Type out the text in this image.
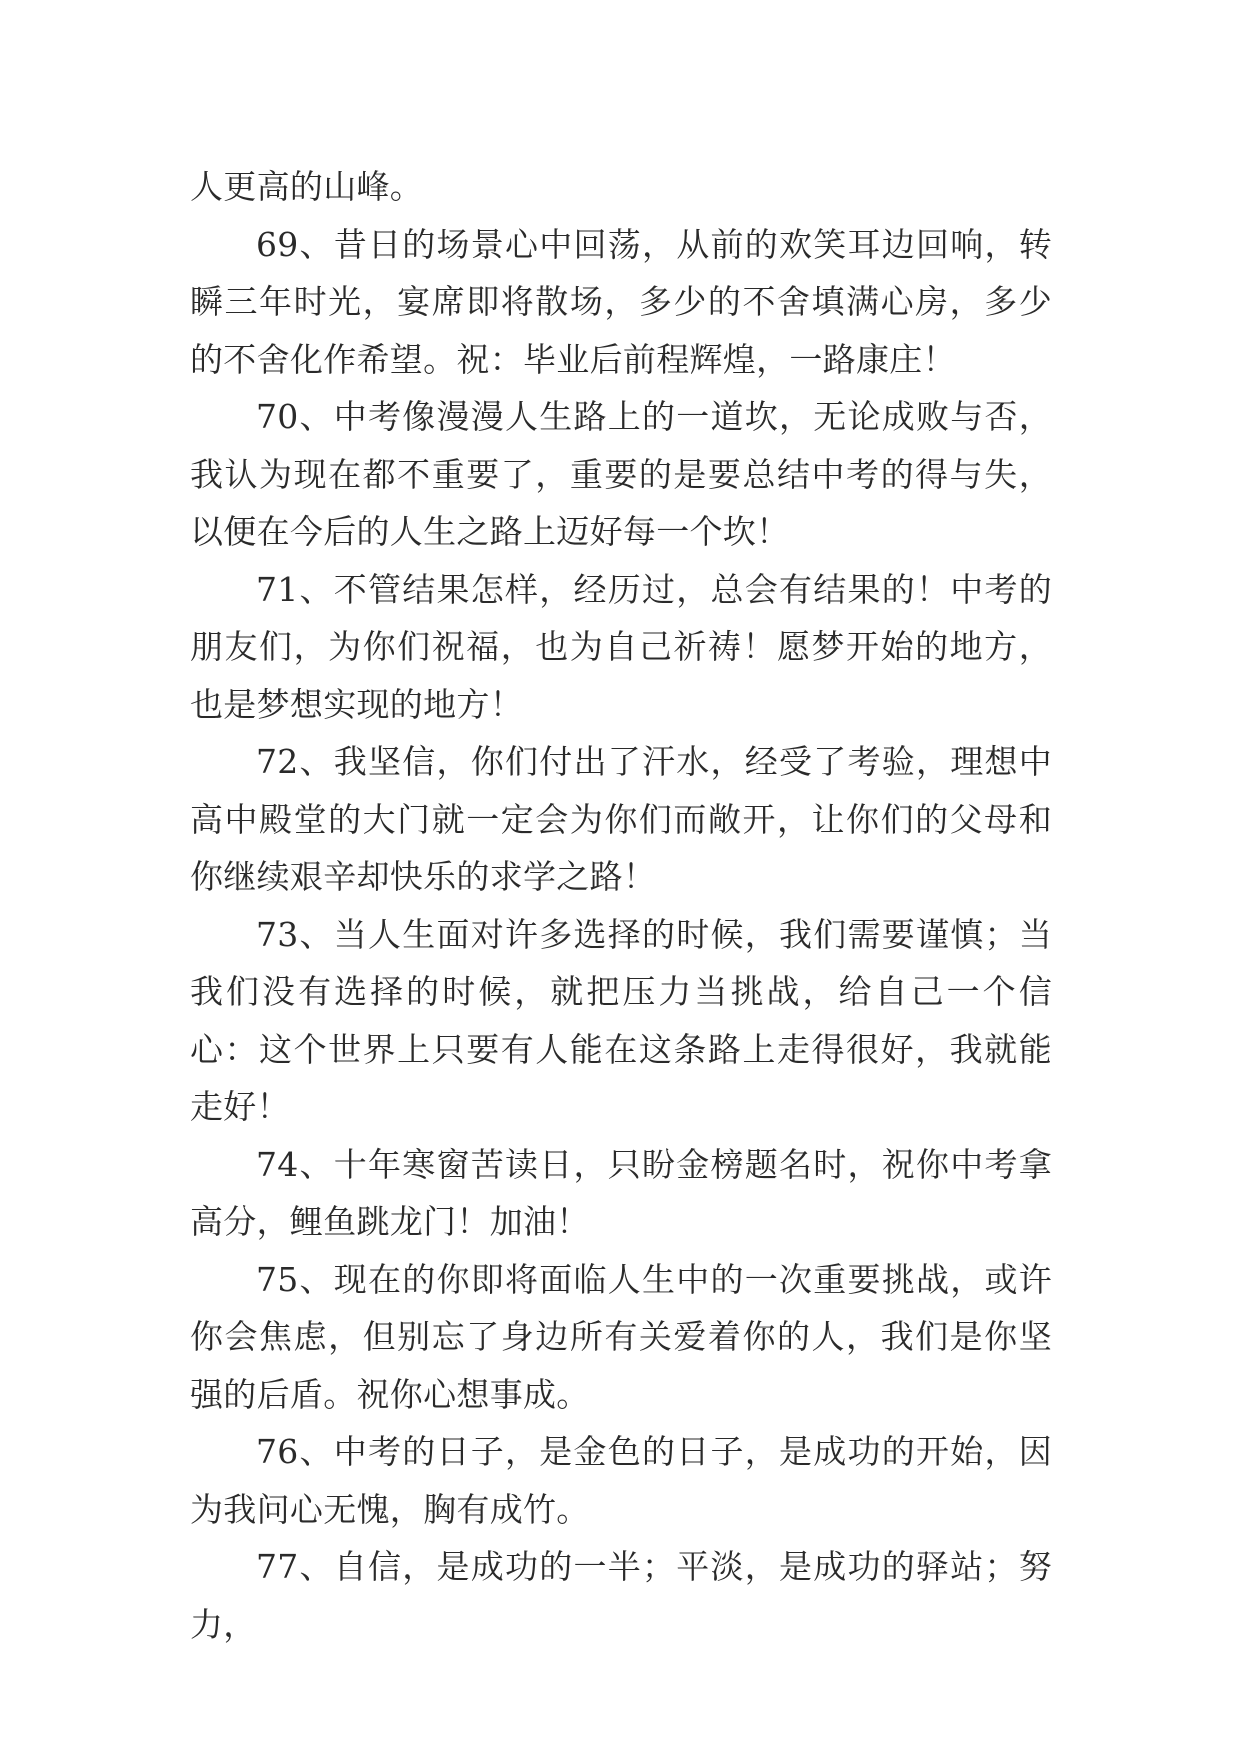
人更高的山峰。

69、昔日的场景心中回荡，从前的欢笑耳边回响，转瞬三年时光，宴席即将散场，多少的不舍填满心房，多少的不舍化作希望。祝：毕业后前程辉煌，一路康庄！

70、中考像漫漫人生路上的一道坎，无论成败与否，我认为现在都不重要了，重要的是要总结中考的得与失，以便在今后的人生之路上迈好每一个坎！

71、不管结果怎样，经历过，总会有结果的！中考的朋友们，为你们祝福，也为自己祈祷！愿梦开始的地方，也是梦想实现的地方！

72、我坚信，你们付出了汗水，经受了考验，理想中高中殿堂的大门就一定会为你们而敞开，让你们的父母和你继续艰辛却快乐的求学之路！

73、当人生面对许多选择的时候，我们需要谨慎；当我们没有选择的时候，就把压力当挑战，给自己一个信心：这个世界上只要有人能在这条路上走得很好，我就能走好！

74、十年寒窗苦读日，只盼金榜题名时，祝你中考拿高分，鲤鱼跳龙门！加油！

75、现在的你即将面临人生中的一次重要挑战，或许你会焦虑，但别忘了身边所有关爱着你的人，我们是你坚强的后盾。祝你心想事成。

76、中考的日子，是金色的日子，是成功的开始，因为我问心无愧，胸有成竹。

77、自信，是成功的一半；平淡，是成功的驿站；努力，
